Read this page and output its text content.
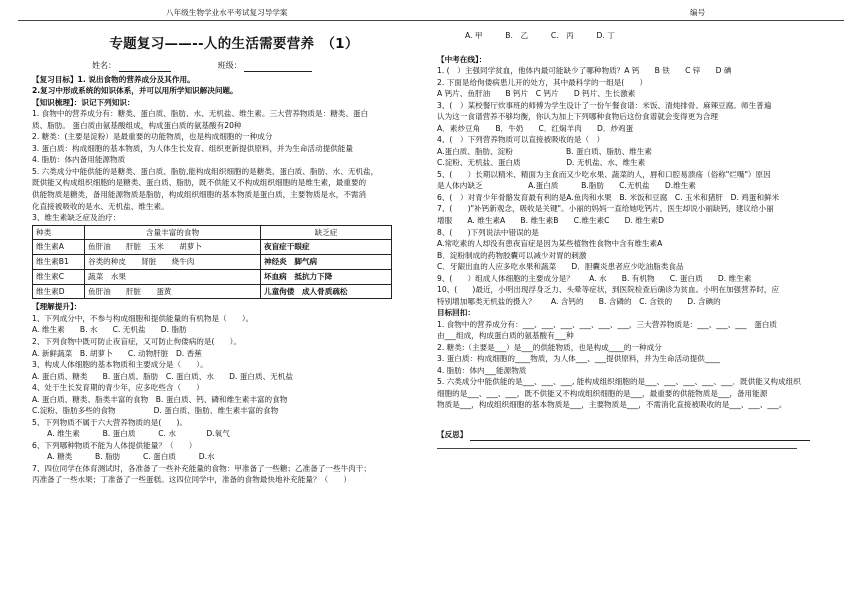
八年级生物学业水平考试复习导学案	编号
专题复习——--人的生活需要营养　（1）
姓名：	班级：
【复习目标】1. 说出食物的营养成分及其作用。
2.复习中形成系统的知识体系，并可以用所学知识解决问题。
【知识梳理】：识记下列知识：
1. 食物中的营养成分有：糖类、蛋白质、脂肪、水、无机盐、维生素。三大营养物质是：糖类、蛋白
质、脂肪。 蛋白质由氨基酸组成，构成蛋白质的氨基酸有20种
2. 糖类：(主要是淀粉）是最重要的功能物质，也是构成细胞的一种成分
3. 蛋白质：构成细胞的基本物质，为人体生长发育、组织更新提供原料，并为生命活动提供能量
4. 脂肪：体内备用能源物质
5. 六类成分中能供能的是糖类、蛋白质、脂肪,能构成组织细胞的是糖类、蛋白质、脂肪、水、无机盐，
既供能又构成组织细胞的是糖类、蛋白质、脂肪，既不供能又不构成组织细胞的是维生素，最重要的
供能物质是糖类，备用能源物质是脂肪，构成组织细胞的基本物质是蛋白质，主要物质是水，不需消
化直接被吸收的是水、无机盐、维生素。
3、维生素缺乏症及治疗：
种类	含量丰富的食物	缺乏症
维生素A	鱼肝油　　肝脏　玉米　　胡萝卜	夜盲症干眼症
维生素B1	谷类的种皮　　肾脏　　烧牛肉	神经炎　脚气病
维生素C	蔬菜　水果	坏血病　抵抗力下降
维生素D	鱼肝油　　肝脏　　蛋黄	儿童佝偻　成人骨质疏松
【理解提升】：
1、下列成分中，不参与构成细胞和提供能量的有机物是（　　）。
A. 维生素　　B. 水　　C. 无机盐　　D. 脂肪
2、下列食物中既可防止夜盲症，又可防止佝偻病的是(　　）。
A. 新鲜蔬菜　B. 胡萝卜　　C. 动物肝脏　D. 香蕉
3、构成人体细胞的基本物质和主要成分是（　　）。
A. 蛋白质、糖类　　B. 蛋白质、脂肪　C. 蛋白质、水　　D. 蛋白质、无机盐
4、处于生长发育期的青少年，应多吃些含（　　）
A. 蛋白质、糖类、脂类丰富的食物　B. 蛋白质、钙、磷和维生素丰富的食物
C.淀粉、脂肪多些的食物　　　　　D. 蛋白质、脂肪、维生素丰富的食物
5、下列物质不属于六大营养物质的是(　　)。
　　A. 维生素　　　B. 蛋白质　　　C. 水　　　　D.氧气
6、下列哪种物质不能为人体提供能量？（　　）
　　A. 糖类　　　B. 脂肪　　　C. 蛋白质　　　D.水
7、四位同学在体育测试时，各准备了一些补充能量的食物：甲准备了一些糖；乙准备了一些牛肉干；
丙准备了一些水果；丁准备了一些蛋糕。这四位同学中，准备的食物最快地补充能量？（　　）
A. 甲　　　B.　乙　　　C.　丙　　　D. 丁
【中考在线】：
1. (　）主强同学贫血，他体内最可能缺少了哪种物质？A 钙　　B 铁　　C 锌　　D 碘
2. 下面是给佝偻病患儿开的处方，其中最科学的一组是(　　）
A 钙片、鱼肝油　　B 钙片　C 钙片　　D 钙片、生长激素
3、(　）某校餐厅炊事班的师傅为学生设计了一份午餐食谱：米饭、清炖排骨、麻辣豆腐。师生普遍
认为这一食谱营养不够均衡，你认为加上下列哪种食物后这份食谱就会变得更为合理
A．素炒豆角　　B．牛奶　　C．红焖羊肉　　D．炒鸡蛋
4、(　）下列营养物质可以直接被吸收的是（　）
A.蛋白质、脂肪、淀粉　　　　　　　B. 蛋白质、脂肪、维生素
C.淀粉、无机盐、蛋白质　　　　　　D. 无机盐、水、维生素
5、(　　）长期以精米、精面为主食而又少吃水果、蔬菜的人，唇和口腔易溃疡（俗称"烂嘴"）原因
是人体内缺乏　　　　　　A.蛋白质　　　B.脂肪　　C.无机盐　　D.维生素
6、(　）对青少年骨骼发育最有利的是A.鱼肉和水果　B. 米饭和豆腐　C. 玉米和猪肝　D. 鸡蛋和鲜米
7、(　　)"补钙新观念，吸收是关键"。小丽的妈妈一直给她吃钙片，医生却说小丽缺钙，建议给小丽
增服　　A. 维生素A　　B. 维生素B　　C.维生素C　　D. 维生素D
8、(　　)下列说法中错误的是
A.常吃素的人却没有患夜盲症是因为某些植物性食物中含有维生素A
B．淀粉制成的药物胶囊可以减少对胃的刺激
C．牙龈出血的人应多吃水果和蔬菜　　D．胆囊炎患者应少吃油脂类食品
9、(　　）组成人体细胞的主要成分是？　　A. 水　　B. 有机物　　C. 蛋白质　　D. 维生素
10、(　　)最近，小明出现浮身乏力、头晕等症状，到医院检查后确诊为贫血。小明在加强营养时，应
特别增加哪类无机盐的摄入？　　A. 含钙的　　B. 含磷的　C. 含铁的　　D. 含碘的
目标回扣：
1. 食物中的营养成分有：___、___、___、___、___、___，三大营养物质是：___、___、___　蛋白质
由___组成，构成蛋白质的氨基酸有___种
2. 糖类:（主要是___）是___的供能物质，也是构成____的一种成分
3. 蛋白质：构成细胞的____物质，为人体___、___提供原料，并为生命活动提供____
4. 脂肪：体内___能源物质
5. 六类成分中能供能的是___、___、___, 能构成组织细胞的是___、___、___、___、___．既供能又构成组织
细胞的是___、___、___，既不供能又不构成组织细胞的是___，最重要的供能物质是___，备用能源
物质是___，构成组织细胞的基本物质是___，主要物质是___，不需消化直接被吸收的是___、___、___。
【反思】
